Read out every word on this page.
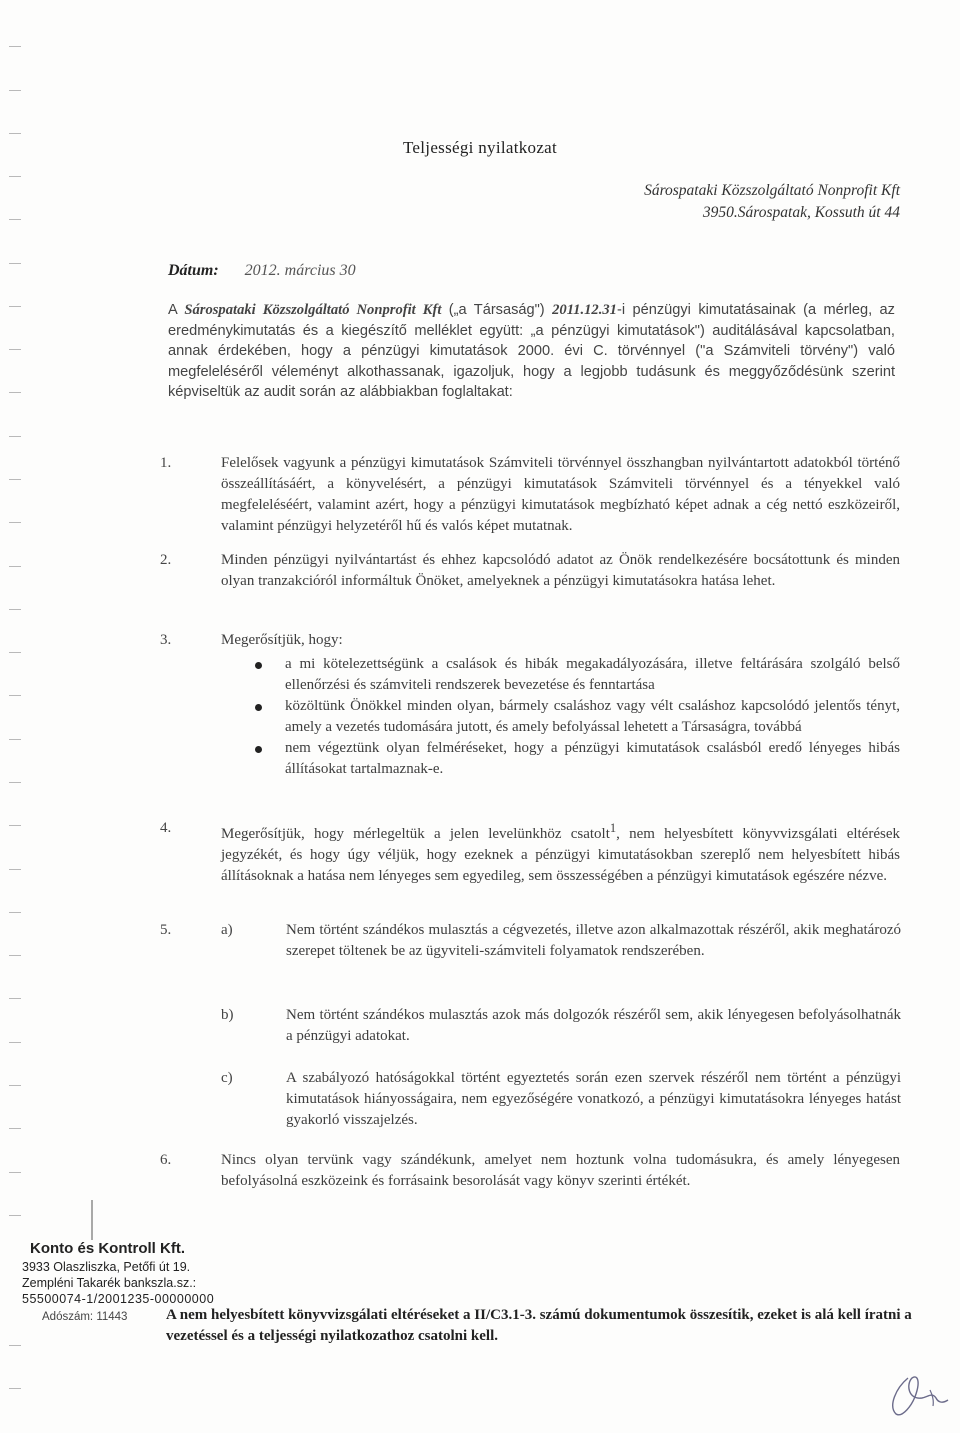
Teljességi nyilatkozat
Sárospataki Közszolgáltató Nonprofit Kft
3950.Sárospatak, Kossuth út 44
Dátum: 2012. március 30
A Sárospataki Közszolgáltató Nonprofit Kft („a Társaság") 2011.12.31-i pénzügyi kimutatásainak (a mérleg, az eredménykimutatás és a kiegészítő melléklet együtt: „a pénzügyi kimutatások") auditálásával kapcsolatban, annak érdekében, hogy a pénzügyi kimutatások 2000. évi C. törvénnyel ("a Számviteli törvény") való megfeleléséről véleményt alkothassanak, igazoljuk, hogy a legjobb tudásunk és meggyőződésünk szerint képviseltük az audit során az alábbiakban foglaltakat:
1.	Felelősek vagyunk a pénzügyi kimutatások Számviteli törvénnyel összhangban nyilvántartott adatokból történő összeállításáért, a könyvelésért, a pénzügyi kimutatások Számviteli törvénnyel és a tényekkel való megfeleléséért, valamint azért, hogy a pénzügyi kimutatások megbízható képet adnak a cég nettó eszközeiről, valamint pénzügyi helyzetéről hű és valós képet mutatnak.
2.	Minden pénzügyi nyilvántartást és ehhez kapcsolódó adatot az Önök rendelkezésére bocsátottunk és minden olyan tranzakcióról informáltuk Önöket, amelyeknek a pénzügyi kimutatásokra hatása lehet.
3.	Megerősítjük, hogy:
a mi kötelezettségünk a csalások és hibák megakadályozására, illetve feltárására szolgáló belső ellenőrzési és számviteli rendszerek bevezetése és fenntartása
közöltünk Önökkel minden olyan, bármely csaláshoz vagy vélt csaláshoz kapcsolódó jelentős tényt, amely a vezetés tudomására jutott, és amely befolyással lehetett a Társaságra, továbbá
nem végeztünk olyan felméréseket, hogy a pénzügyi kimutatások csalásból eredő lényeges hibás állításokat tartalmaznak-e.
4.	Megerősítjük, hogy mérlegeltük a jelen levelünkhöz csatolt$^1$, nem helyesbített könyvvizsgálati eltérések jegyzékét, és hogy úgy véljük, hogy ezeknek a pénzügyi kimutatásokban szereplő nem helyesbített hibás állításoknak a hatása nem lényeges sem egyedileg, sem összességében a pénzügyi kimutatások egészére nézve.
5.	a)	Nem történt szándékos mulasztás a cégvezetés, illetve azon alkalmazottak részéről, akik meghatározó szerepet töltenek be az ügyviteli-számviteli folyamatok rendszerében.
b)	Nem történt szándékos mulasztás azok más dolgozók részéről sem, akik lényegesen befolyásolhatnák a pénzügyi adatokat.
c)	A szabályozó hatóságokkal történt egyeztetés során ezen szervek részéről nem történt a pénzügyi kimutatások hiányosságaira, nem egyezőségére vonatkozó, a pénzügyi kimutatásokra lényeges hatást gyakorló visszajelzés.
6.	Nincs olyan tervünk vagy szándékunk, amelyet nem hoztunk volna tudomásukra, és amely lényegesen befolyásolná eszközeink és forrásaink besorolását vagy könyv szerinti értékét.
Konto és Kontroll Kft.
3933 Olaszliszka, Petőfi út 19.
Zempléni Takarék bankszla.sz.:
55500074-1/2001235-00000000
Adószám: 11443	A nem helyesbített könyvvizsgálati eltéréseket a II/C3.1-3. számú dokumentumok összesítik, ezeket is alá kell íratni a vezetéssel és a teljességi nyilatkozathoz csatolni kell.
